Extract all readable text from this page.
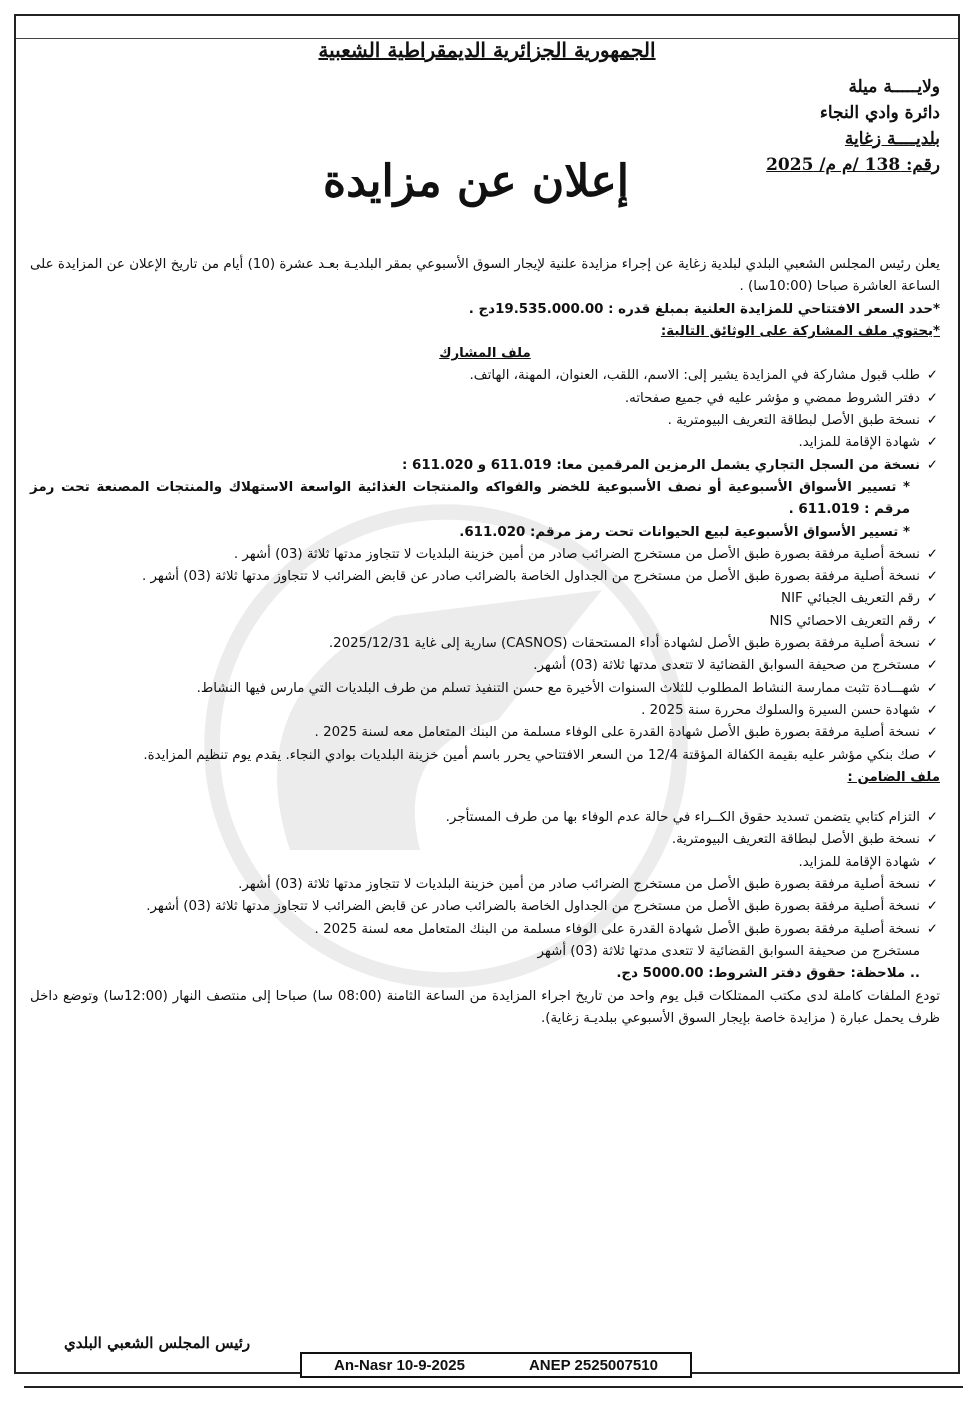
الجمهورية الجزائرية الديمقراطية الشعبية
ولايـــــة ميلة
دائرة وادي النجاء
بلديــــة زغاية
رقم: 138 /م م/ 2025
إعلان عن مزايدة

يعلن رئيس المجلس الشعبي البلدي لبلدية زغاية عن إجراء مزايدة علنية لإيجار السوق الأسبوعي بمقر البلديـة بعـد عشرة (10) أيام من تاريخ الإعلان عن المزايدة على الساعة العاشرة صباحا (10:00سا) .

*حدد السعر الافتتاحي للمزايدة العلنية بمبلغ قدره : 19.535.000.00دج .

*يحتوي ملف المشاركة على الوثائق التالية:

ملف المشارك

✓ طلب قبول مشاركة في المزايدة يشير إلى: الاسم، اللقب، العنوان، المهنة، الهاتف.
✓ دفتر الشروط ممضي و مؤشر عليه في جميع صفحاته.
✓ نسخة طبق الأصل لبطاقة التعريف البيومترية .
✓ شهادة الإقامة للمزايد.
✓ نسخة من السجل التجاري يشمل الرمزين المرقمين معا: 611.019 و 611.020 :

* تسيير الأسواق الأسبوعية أو نصف الأسبوعية للخضر والفواكه والمنتجات الغذائية الواسعة الاستهلاك والمنتجات المصنعة تحت رمز مرقم : 611.019 .

* تسيير الأسواق الأسبوعية لبيع الحيوانات تحت رمز مرقم: 611.020.

✓ نسخة أصلية مرفقة بصورة طبق الأصل من مستخرج الضرائب صادر من أمين خزينة البلديات لا تتجاوز مدتها ثلاثة (03) أشهر .
✓ نسخة أصلية مرفقة بصورة طبق الأصل من مستخرج من الجداول الخاصة بالضرائب صادر عن قابض الضرائب لا تتجاوز مدتها ثلاثة (03) أشهر .
✓ رقم التعريف الجبائي NIF
✓ رقم التعريف الاحصائي NIS
✓ نسخة أصلية مرفقة بصورة طبق الأصل لشهادة أداء المستحقات (CASNOS) سارية إلى غاية 2025/12/31.
✓ مستخرج من صحيفة السوابق القضائية لا تتعدى مدتها ثلاثة (03) أشهر.
✓ شهـــادة تثبت ممارسة النشاط المطلوب للثلاث السنوات الأخيرة مع حسن التنفيذ تسلم من طرف البلديات التي مارس فيها النشاط.
✓ شهادة حسن السيرة والسلوك محررة سنة 2025 .
✓ نسخة أصلية مرفقة بصورة طبق الأصل شهادة القدرة على الوفاء مسلمة من البنك المتعامل معه لسنة 2025 .
✓ صك بنكي مؤشر عليه بقيمة الكفالة المؤقتة 12/4 من السعر الافتتاحي يحرر باسم أمين خزينة البلديات بوادي النجاء. يقدم يوم تنظيم المزايدة.

ملف الضامن :

✓ التزام كتابي يتضمن تسديد حقوق الكــراء في حالة عدم الوفاء بها من طرف المستأجر.
✓ نسخة طبق الأصل لبطاقة التعريف البيومترية.
✓ شهادة الإقامة للمزايد.
✓ نسخة أصلية مرفقة بصورة طبق الأصل من مستخرج الضرائب صادر من أمين خزينة البلديات لا تتجاوز مدتها ثلاثة (03) أشهر.
✓ نسخة أصلية مرفقة بصورة طبق الأصل من مستخرج من الجداول الخاصة بالضرائب صادر عن قابض الضرائب لا تتجاوز مدتها ثلاثة (03) أشهر.
✓ نسخة أصلية مرفقة بصورة طبق الأصل شهادة القدرة على الوفاء مسلمة من البنك المتعامل معه لسنة 2025 .

مستخرج من صحيفة السوابق القضائية لا تتعدى مدتها ثلاثة (03) أشهر

.. ملاحظة: حقوق دفتر الشروط: 5000.00 دج.

تودع الملفات كاملة لدى مكتب الممتلكات قبل يوم واحد من تاريخ اجراء المزايدة من الساعة الثامنة (08:00 سا) صباحا إلى منتصف النهار (12:00سا) وتوضع داخل ظرف يحمل عبارة ( مزايدة خاصة بإيجار السوق الأسبوعي ببلديـة زغاية).

رئيس المجلس الشعبي البلدي
An-Nasr 10-9-2025	ANEP 2525007510
